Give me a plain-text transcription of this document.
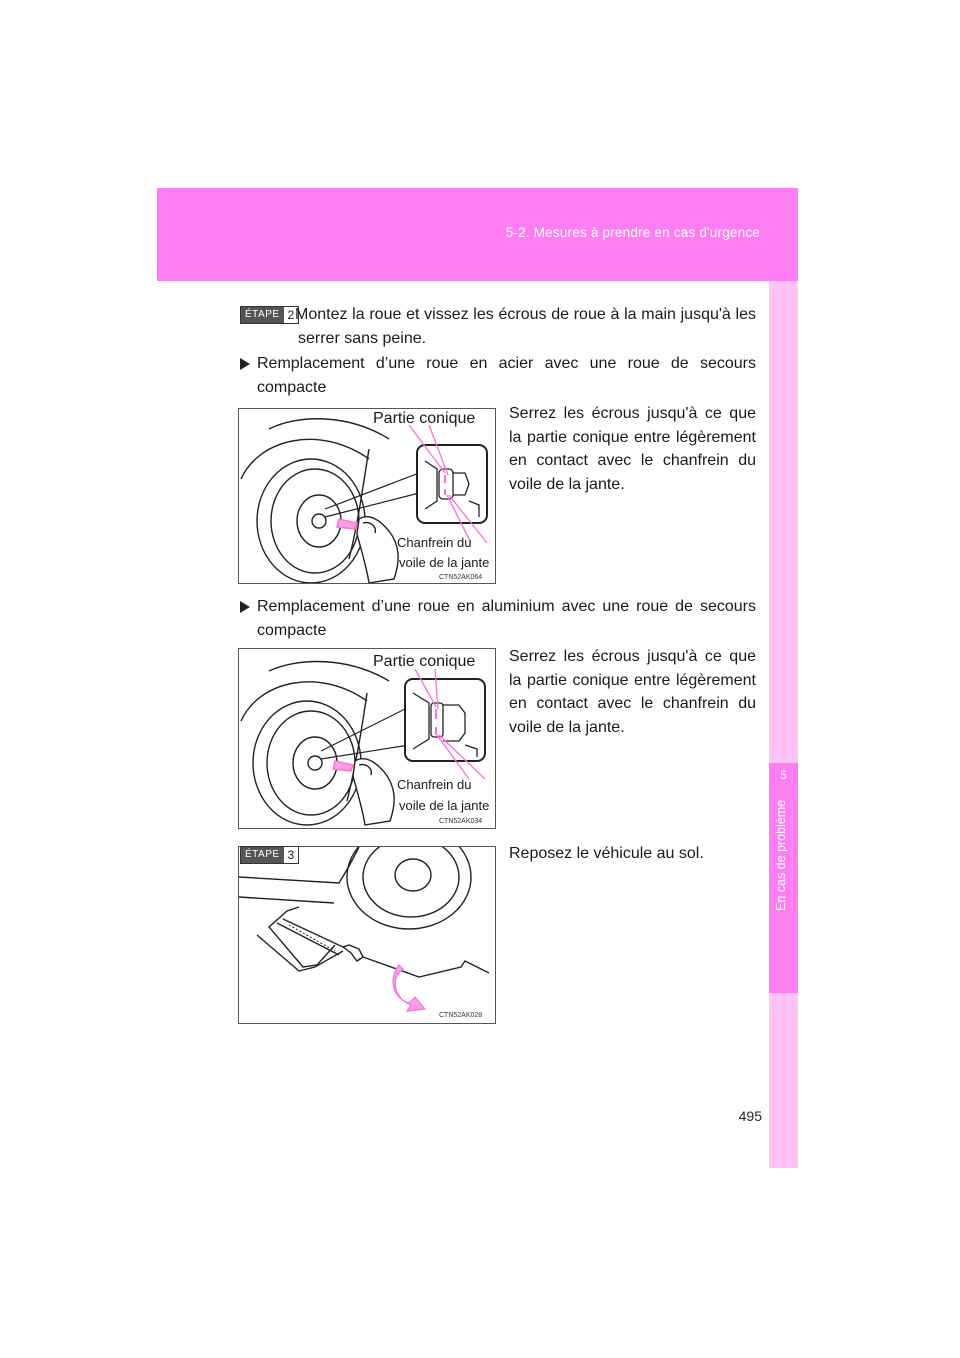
5-2. Mesures à prendre en cas d'urgence
5
En cas de problème
ÉTAPE 2 Montez la roue et vissez les écrous de roue à la main jusqu'à les serrer sans peine.
Remplacement d’une roue en acier avec une roue de secours compacte
Partie conique
Chanfrein du
voile de la jante
CTN52AK064
Serrez les écrous jusqu'à ce que la partie conique entre légèrement en contact avec le chanfrein du voile de la jante.
Remplacement d’une roue en aluminium avec une roue de secours compacte
Partie conique
Chanfrein du
voile de la jante
CTN52AK034
Serrez les écrous jusqu'à ce que la partie conique entre légèrement en contact avec le chanfrein du voile de la jante.
CTN52AK028
ÉTAPE 3	Reposez le véhicule au sol.
495
